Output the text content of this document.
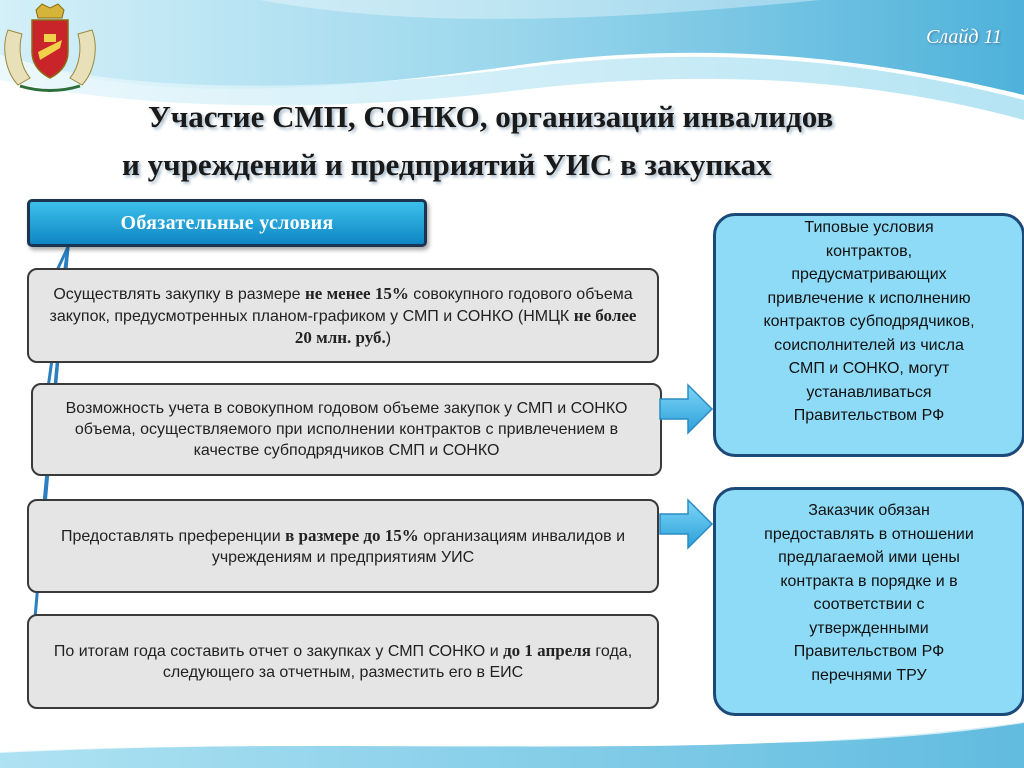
Слайд 11
Участие СМП, СОНКО, организаций инвалидов
и учреждений и предприятий УИС в закупках
Обязательные условия
Осуществлять закупку в размере не менее 15% совокупного годового объема закупок, предусмотренных планом-графиком у СМП и СОНКО (НМЦК не более 20 млн. руб.)
Возможность учета в совокупном годовом объеме закупок у СМП и СОНКО объема, осуществляемого при исполнении контрактов с привлечением в качестве субподрядчиков СМП и СОНКО
Предоставлять преференции в размере до 15% организациям инвалидов и учреждениям и предприятиям УИС
По итогам года составить отчет о закупках у СМП СОНКО и до 1 апреля года, следующего за отчетным, разместить его в ЕИС
Типовые условия
контрактов,
предусматривающих
привлечение к исполнению
контрактов субподрядчиков,
соисполнителей из числа
СМП и СОНКО, могут
устанавливаться
Правительством РФ
Заказчик обязан
предоставлять в отношении
предлагаемой ими цены
контракта в порядке и в
соответствии с
утвержденными
Правительством РФ
перечнями ТРУ
